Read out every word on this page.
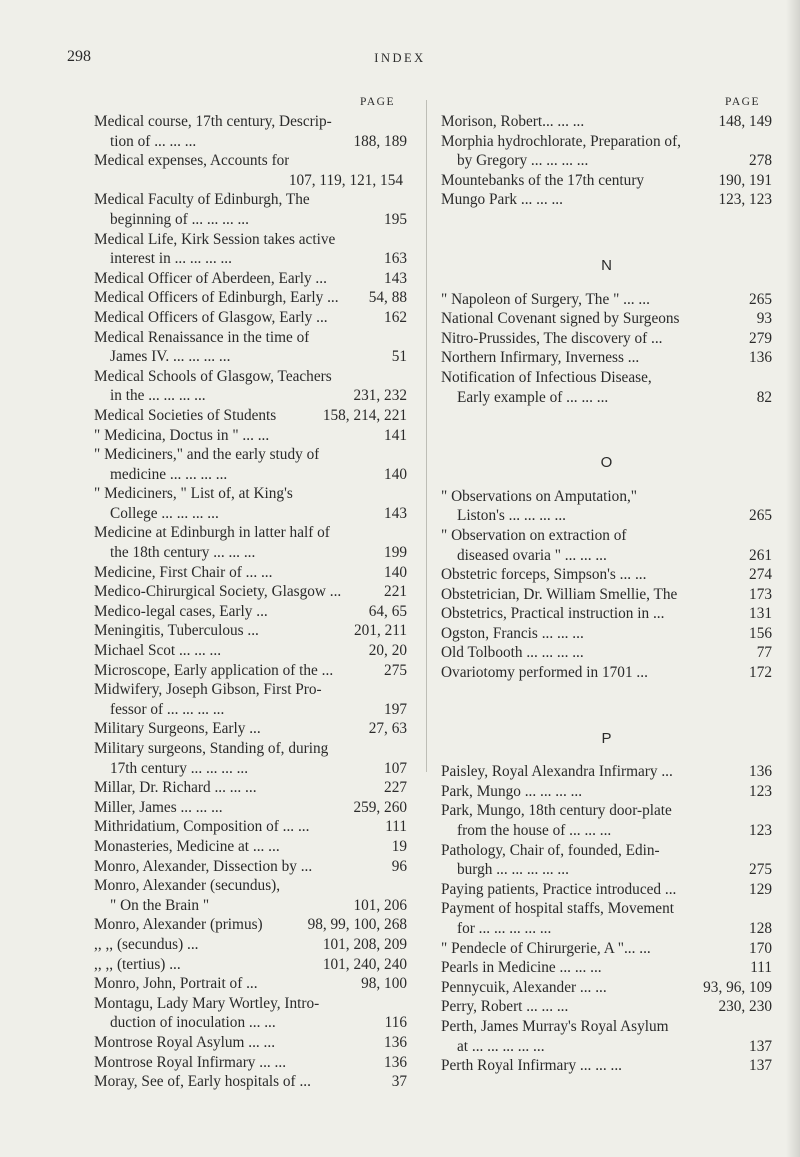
298	INDEX
PAGE
Medical course, 17th century, Descrip-
tion of ... ... ...	188, 189
Medical expenses, Accounts for
107, 119, 121, 154
Medical Faculty of Edinburgh, The
beginning of ... ... ... ...	195
Medical Life, Kirk Session takes active
interest in ... ... ... ...	163
Medical Officer of Aberdeen, Early ...	143
Medical Officers of Edinburgh, Early ...	54, 88
Medical Officers of Glasgow, Early ...	162
Medical Renaissance in the time of
James IV. ... ... ... ...	51
Medical Schools of Glasgow, Teachers
in the ... ... ... ...	231, 232
Medical Societies of Students	158, 214, 221
" Medicina, Doctus in " ... ...	141
" Mediciners," and the early study of
medicine ... ... ... ...	140
" Mediciners, " List of, at King's
College ... ... ... ...	143
Medicine at Edinburgh in latter half of
the 18th century ... ... ...	199
Medicine, First Chair of ... ...	140
Medico-Chirurgical Society, Glasgow ...	221
Medico-legal cases, Early ...	64, 65
Meningitis, Tuberculous ...	201, 211
Michael Scot ... ... ...	20, 20
Microscope, Early application of the ...	275
Midwifery, Joseph Gibson, First Pro-
fessor of ... ... ... ...	197
Military Surgeons, Early ...	27, 63
Military surgeons, Standing of, during
17th century ... ... ... ...	107
Millar, Dr. Richard ... ... ...	227
Miller, James ... ... ...	259, 260
Mithridatium, Composition of ... ...	111
Monasteries, Medicine at ... ...	19
Monro, Alexander, Dissection by ...	96
Monro, Alexander (secundus),
" On the Brain "	101, 206
Monro, Alexander (primus)	98, 99, 100, 268
,, ,, (secundus) ...	101, 208, 209
,, ,, (tertius) ...	101, 240, 240
Monro, John, Portrait of ...	98, 100
Montagu, Lady Mary Wortley, Intro-
duction of inoculation ... ...	116
Montrose Royal Asylum ... ...	136
Montrose Royal Infirmary ... ...	136
Moray, See of, Early hospitals of ...	37
PAGE
Morison, Robert... ... ...	148, 149
Morphia hydrochlorate, Preparation of,
by Gregory ... ... ... ...	278
Mountebanks of the 17th century	190, 191
Mungo Park ... ... ...	123, 123
N
" Napoleon of Surgery, The " ... ...	265
National Covenant signed by Surgeons	93
Nitro-Prussides, The discovery of ...	279
Northern Infirmary, Inverness ...	136
Notification of Infectious Disease,
Early example of ... ... ...	82
O
" Observations on Amputation,"
Liston's ... ... ... ...	265
" Observation on extraction of
diseased ovaria " ... ... ...	261
Obstetric forceps, Simpson's ... ...	274
Obstetrician, Dr. William Smellie, The	173
Obstetrics, Practical instruction in ...	131
Ogston, Francis ... ... ...	156
Old Tolbooth ... ... ... ...	77
Ovariotomy performed in 1701 ...	172
P
Paisley, Royal Alexandra Infirmary ...	136
Park, Mungo ... ... ... ...	123
Park, Mungo, 18th century door-plate
from the house of ... ... ...	123
Pathology, Chair of, founded, Edin-
burgh ... ... ... ... ...	275
Paying patients, Practice introduced ...	129
Payment of hospital staffs, Movement
for ... ... ... ... ...	128
" Pendecle of Chirurgerie, A "... ...	170
Pearls in Medicine ... ... ...	111
Pennycuik, Alexander ... ...	93, 96, 109
Perry, Robert ... ... ...	230, 230
Perth, James Murray's Royal Asylum
at ... ... ... ... ...	137
Perth Royal Infirmary ... ... ...	137
